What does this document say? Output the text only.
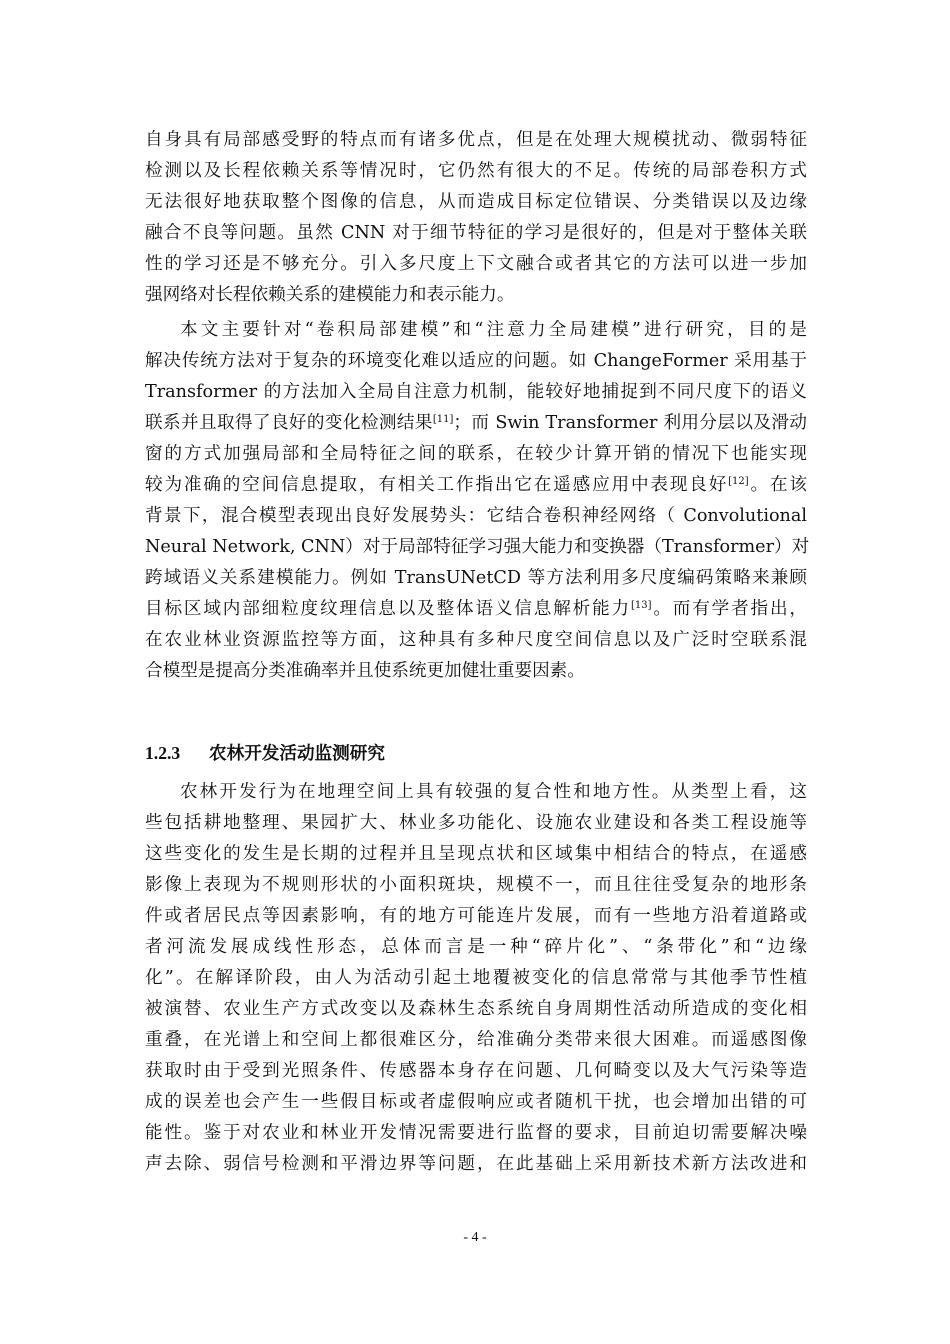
自身具有局部感受野的特点而有诸多优点，但是在处理大规模扰动、微弱特征
检测以及长程依赖关系等情况时，它仍然有很大的不足。传统的局部卷积方式
无法很好地获取整个图像的信息，从而造成目标定位错误、分类错误以及边缘
融合不良等问题。虽然 CNN 对于细节特征的学习是很好的，但是对于整体关联
性的学习还是不够充分。引入多尺度上下文融合或者其它的方法可以进一步加
强网络对长程依赖关系的建模能力和表示能力。
本文主要针对“卷积局部建模”和“注意力全局建模”进行研究，目的是
解决传统方法对于复杂的环境变化难以适应的问题。如 ChangeFormer 采用基于
Transformer 的方法加入全局自注意力机制，能较好地捕捉到不同尺度下的语义
联系并且取得了良好的变化检测结果[11]；而 Swin Transformer 利用分层以及滑动
窗的方式加强局部和全局特征之间的联系，在较少计算开销的情况下也能实现
较为准确的空间信息提取，有相关工作指出它在遥感应用中表现良好[12]。在该
背景下，混合模型表现出良好发展势头：它结合卷积神经网络（ Convolutional
Neural Network, CNN）对于局部特征学习强大能力和变换器（Transformer）对
跨域语义关系建模能力。例如 TransUNetCD 等方法利用多尺度编码策略来兼顾
目标区域内部细粒度纹理信息以及整体语义信息解析能力[13]。而有学者指出，
在农业林业资源监控等方面，这种具有多种尺度空间信息以及广泛时空联系混
合模型是提高分类准确率并且使系统更加健壮重要因素。
1.2.3 农林开发活动监测研究
农林开发行为在地理空间上具有较强的复合性和地方性。从类型上看，这
些包括耕地整理、果园扩大、林业多功能化、设施农业建设和各类工程设施等
这些变化的发生是长期的过程并且呈现点状和区域集中相结合的特点，在遥感
影像上表现为不规则形状的小面积斑块，规模不一，而且往往受复杂的地形条
件或者居民点等因素影响，有的地方可能连片发展，而有一些地方沿着道路或
者河流发展成线性形态，总体而言是一种“碎片化”、“条带化”和“边缘
化”。在解译阶段，由人为活动引起土地覆被变化的信息常常与其他季节性植
被演替、农业生产方式改变以及森林生态系统自身周期性活动所造成的变化相
重叠，在光谱上和空间上都很难区分，给准确分类带来很大困难。而遥感图像
获取时由于受到光照条件、传感器本身存在问题、几何畸变以及大气污染等造
成的误差也会产生一些假目标或者虚假响应或者随机干扰，也会增加出错的可
能性。鉴于对农业和林业开发情况需要进行监督的要求，目前迫切需要解决噪
声去除、弱信号检测和平滑边界等问题，在此基础上采用新技术新方法改进和
- 4 -
